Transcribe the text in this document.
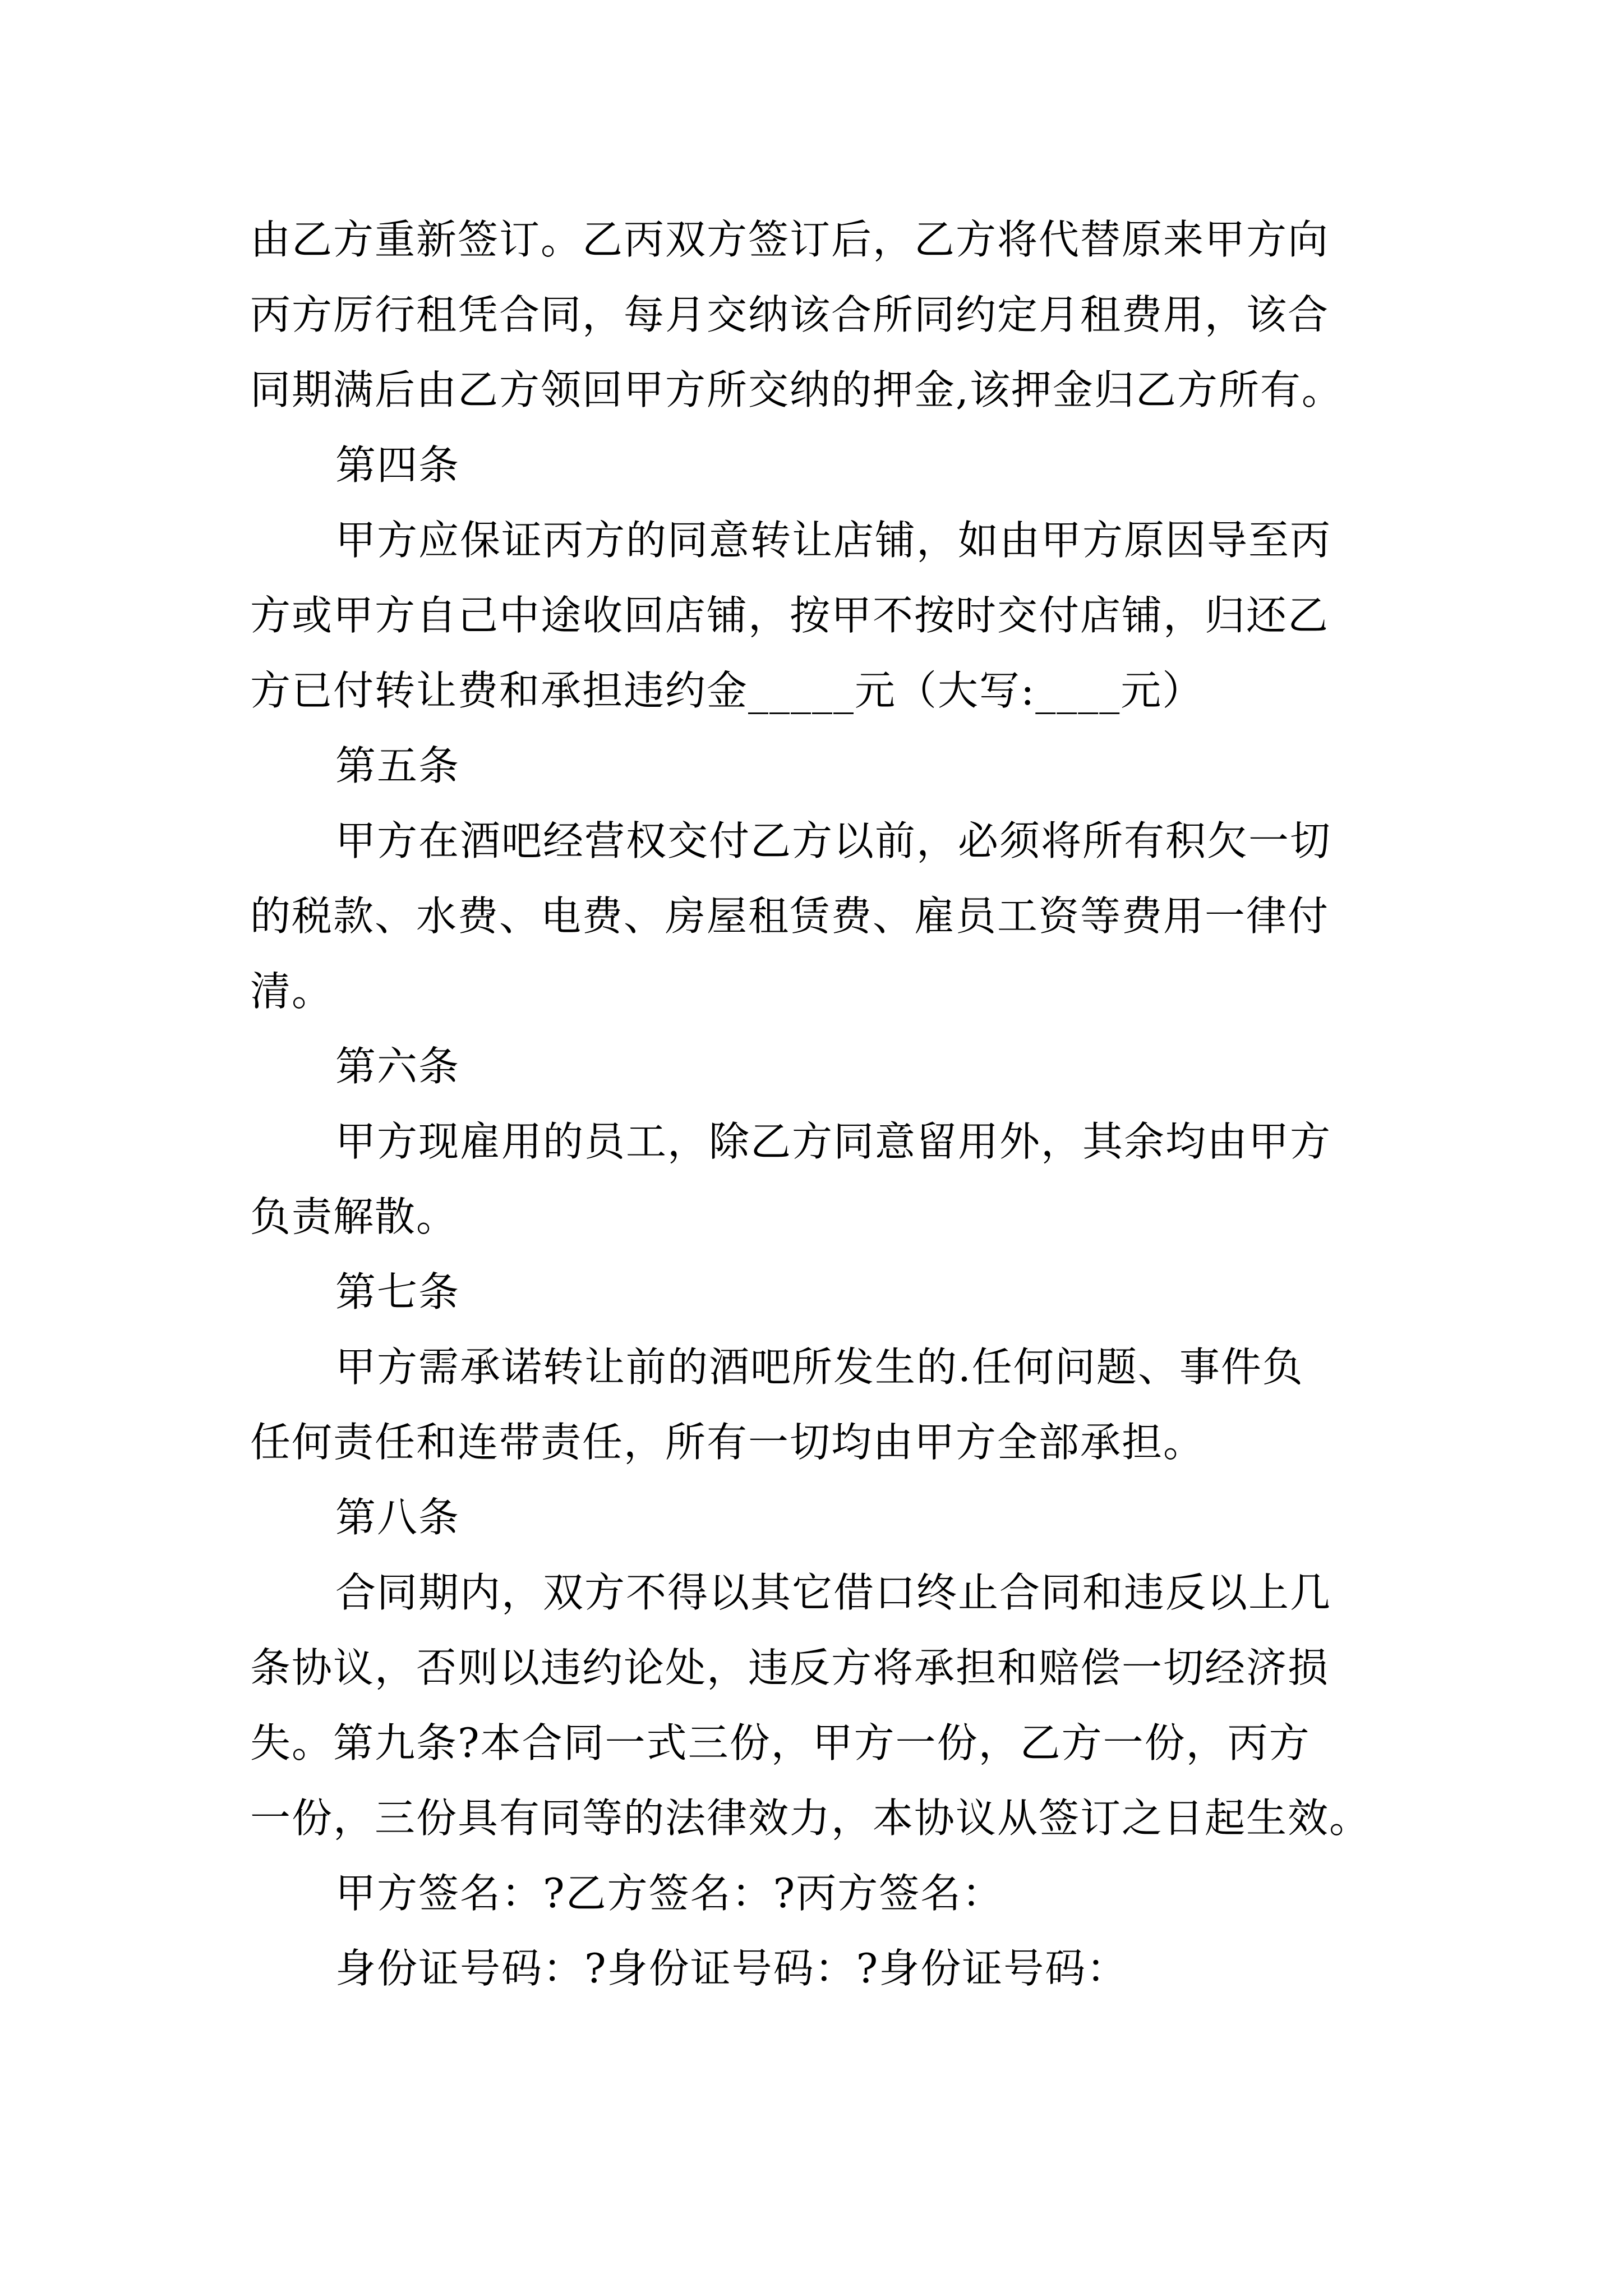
由乙方重新签订。乙丙双方签订后，乙方将代替原来甲方向
丙方厉行租凭合同，每月交纳该合所同约定月租费用，该合
同期满后由乙方领回甲方所交纳的押金,该押金归乙方所有。
第四条
甲方应保证丙方的同意转让店铺，如由甲方原因导至丙
方或甲方自己中途收回店铺，按甲不按时交付店铺，归还乙
方已付转让费和承担违约金_____元（大写:____元）
第五条
甲方在酒吧经营权交付乙方以前，必须将所有积欠一切
的税款、水费、电费、房屋租赁费、雇员工资等费用一律付
清。
第六条
甲方现雇用的员工，除乙方同意留用外，其余均由甲方
负责解散。
第七条
甲方需承诺转让前的酒吧所发生的.任何问题、事件负
任何责任和连带责任，所有一切均由甲方全部承担。
第八条
合同期内，双方不得以其它借口终止合同和违反以上几
条协议，否则以违约论处，违反方将承担和赔偿一切经济损
失。第九条?本合同一式三份，甲方一份，乙方一份，丙方
一份，三份具有同等的法律效力，本协议从签订之日起生效。
甲方签名：?乙方签名：?丙方签名：
身份证号码：?身份证号码：?身份证号码：
